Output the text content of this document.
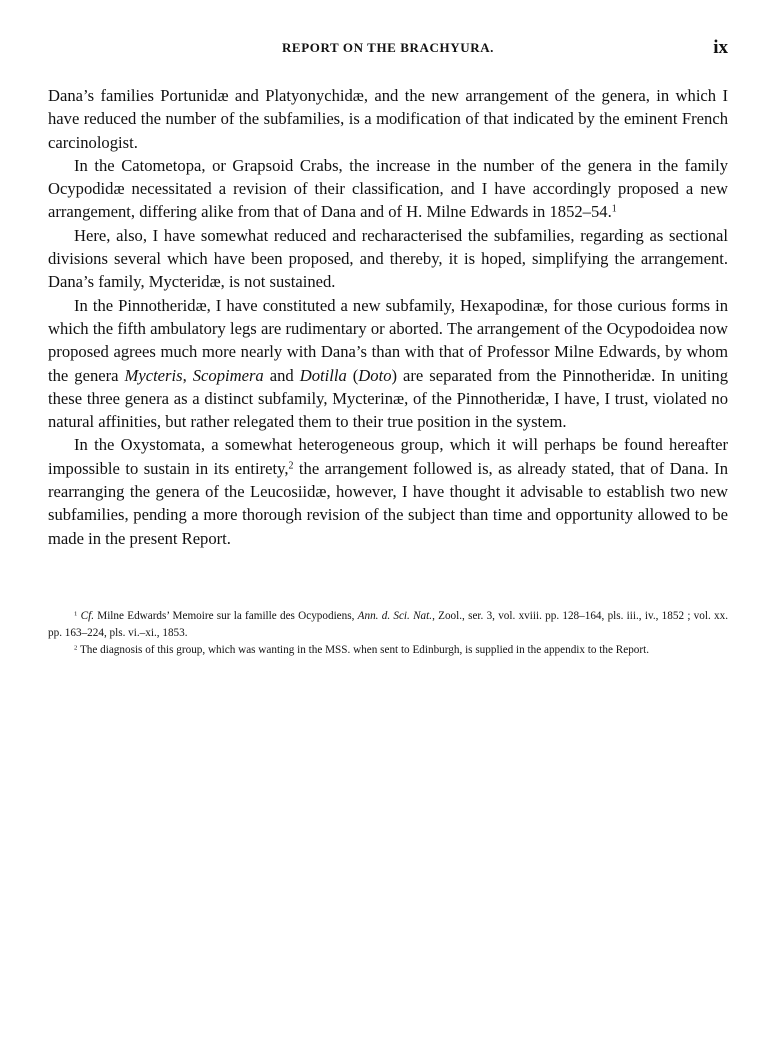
REPORT ON THE BRACHYURA.	ix

Dana’s families Portunidæ and Platyonychidæ, and the new arrangement of the genera, in which I have reduced the number of the subfamilies, is a modification of that indicated by the eminent French carcinologist.

In the Catometopa, or Grapsoid Crabs, the increase in the number of the genera in the family Ocypodidæ necessitated a revision of their classification, and I have accordingly proposed a new arrangement, differing alike from that of Dana and of H. Milne Edwards in 1852–54.$^1$

Here, also, I have somewhat reduced and recharacterised the subfamilies, regarding as sectional divisions several which have been proposed, and thereby, it is hoped, simplifying the arrangement. Dana’s family, Mycteridæ, is not sustained.

In the Pinnotheridæ, I have constituted a new subfamily, Hexapodinæ, for those curious forms in which the fifth ambulatory legs are rudimentary or aborted. The arrangement of the Ocypodoidea now proposed agrees much more nearly with Dana’s than with that of Professor Milne Edwards, by whom the genera Mycteris, Scopimera and Dotilla (Doto) are separated from the Pinnotheridæ. In uniting these three genera as a distinct subfamily, Mycterinæ, of the Pinnotheridæ, I have, I trust, violated no natural affinities, but rather relegated them to their true position in the system.

In the Oxystomata, a somewhat heterogeneous group, which it will perhaps be found hereafter impossible to sustain in its entirety,$^2$ the arrangement followed is, as already stated, that of Dana. In rearranging the genera of the Leucosiidæ, however, I have thought it advisable to establish two new subfamilies, pending a more thorough revision of the subject than time and opportunity allowed to be made in the present Report.

$^1$ Cf. Milne Edwards’ Memoire sur la famille des Ocypodiens, Ann. d. Sci. Nat., Zool., ser. 3, vol. xviii. pp. 128–164, pls. iii., iv., 1852 ; vol. xx. pp. 163–224, pls. vi.–xi., 1853.

$^2$ The diagnosis of this group, which was wanting in the MSS. when sent to Edinburgh, is supplied in the appendix to the Report.
